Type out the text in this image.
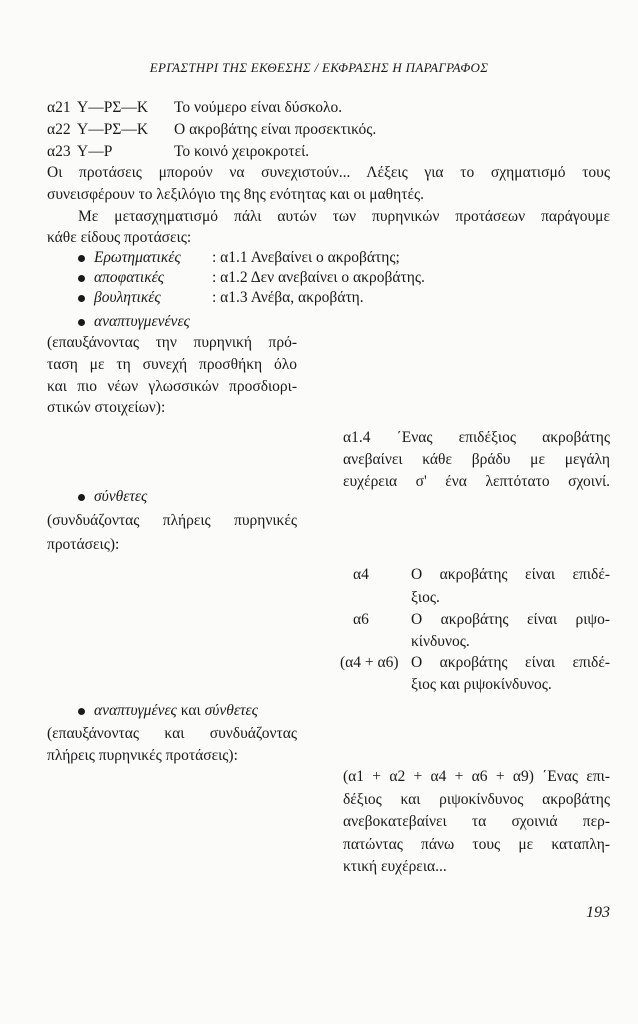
ΕΡΓΑΣΤΗΡΙ ΤΗΣ ΕΚΘΕΣΗΣ / ΕΚΦΡΑΣΗΣ Η ΠΑΡΑΓΡΑΦΟΣ
α21 Υ—ΡΣ—Κ Το νούμερο είναι δύσκολο.
α22 Υ—ΡΣ—Κ Ο ακροβάτης είναι προσεκτικός.
α23 Υ—Ρ	Το κοινό χειροκροτεί.
Οι προτάσεις μπορούν να συνεχιστούν... Λέξεις για το σχηματισμό τους
συνεισφέρουν το λεξιλόγιο της 8ης ενότητας και οι μαθητές.
Με μετασχηματισμό πάλι αυτών των πυρηνικών προτάσεων παράγουμε
κάθε είδους προτάσεις:
Ερωτηματικές : α1.1 Ανεβαίνει ο ακροβάτης;
αποφατικές	: α1.2 Δεν ανεβαίνει ο ακροβάτης.
βουλητικές	: α1.3 Ανέβα, ακροβάτη.
αναπτυγμενένες
(επαυξάνοντας την πυρηνική πρό-
ταση με τη συνεχή προσθήκη όλο
και πιο νέων γλωσσικών προσδιορι-
στικών στοιχείων):
α1.4 ΄Ενας επιδέξιος ακροβάτης
ανεβαίνει κάθε βράδυ με μεγάλη
ευχέρεια σ' ένα λεπτότατο σχοινί.
σύνθετες
(συνδυάζοντας πλήρεις πυρηνικές
προτάσεις):
α4	Ο ακροβάτης είναι επιδέ-
ξιος.
α6	Ο ακροβάτης είναι ριψο-
κίνδυνος.
(α4 + α6) Ο ακροβάτης είναι επιδέ-
ξιος και ριψοκίνδυνος.
αναπτυγμένες και σύνθετες
(επαυξάνοντας και συνδυάζοντας
πλήρεις πυρηνικές προτάσεις):
(α1 + α2 + α4 + α6 + α9) ΄Ενας επι-
δέξιος και ριψοκίνδυνος ακροβάτης
ανεβοκατεβαίνει τα σχοινιά περ-
πατώντας πάνω τους με καταπλη-
κτική ευχέρεια...
193
